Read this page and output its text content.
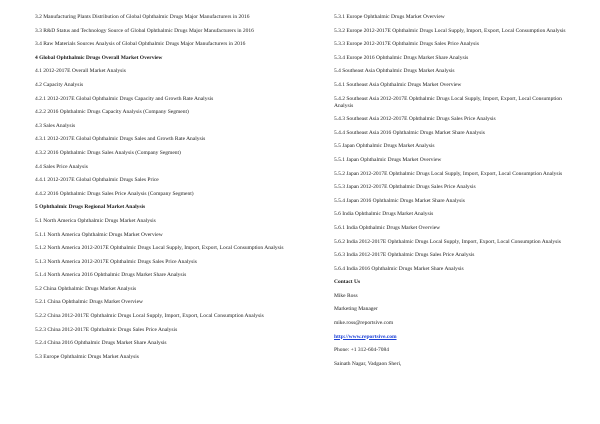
3.2 Manufacturing Plants Distribution of Global Ophthalmic Drugs Major Manufacturers in 2016
3.3 R&D Status and Technology Source of Global Ophthalmic Drugs Major Manufacturers in 2016
3.4 Raw Materials Sources Analysis of Global Ophthalmic Drugs Major Manufacturers in 2016
4 Global Ophthalmic Drugs Overall Market Overview
4.1 2012-2017E Overall Market Analysis
4.2 Capacity Analysis
4.2.1 2012-2017E Global Ophthalmic Drugs Capacity and Growth Rate Analysis
4.2.2 2016 Ophthalmic Drugs Capacity Analysis (Company Segment)
4.3 Sales Analysis
4.3.1 2012-2017E Global Ophthalmic Drugs Sales and Growth Rate Analysis
4.3.2 2016 Ophthalmic Drugs Sales Analysis (Company Segment)
4.4 Sales Price Analysis
4.4.1 2012-2017E Global Ophthalmic Drugs Sales Price
4.4.2 2016 Ophthalmic Drugs Sales Price Analysis (Company Segment)
5 Ophthalmic Drugs Regional Market Analysis
5.1 North America Ophthalmic Drugs Market Analysis
5.1.1 North America Ophthalmic Drugs Market Overview
5.1.2 North America 2012-2017E Ophthalmic Drugs Local Supply, Import, Export, Local Consumption Analysis
5.1.3 North America 2012-2017E Ophthalmic Drugs Sales Price Analysis
5.1.4 North America 2016 Ophthalmic Drugs Market Share Analysis
5.2 China Ophthalmic Drugs Market Analysis
5.2.1 China Ophthalmic Drugs Market Overview
5.2.2 China 2012-2017E Ophthalmic Drugs Local Supply, Import, Export, Local Consumption Analysis
5.2.3 China 2012-2017E Ophthalmic Drugs Sales Price Analysis
5.2.4 China 2016 Ophthalmic Drugs Market Share Analysis
5.3 Europe Ophthalmic Drugs Market Analysis
5.3.1 Europe Ophthalmic Drugs Market Overview
5.3.2 Europe 2012-2017E Ophthalmic Drugs Local Supply, Import, Export, Local Consumption Analysis
5.3.3 Europe 2012-2017E Ophthalmic Drugs Sales Price Analysis
5.3.4 Europe 2016 Ophthalmic Drugs Market Share Analysis
5.4 Southeast Asia Ophthalmic Drugs Market Analysis
5.4.1 Southeast Asia Ophthalmic Drugs Market Overview
5.4.2 Southeast Asia 2012-2017E Ophthalmic Drugs Local Supply, Import, Export, Local Consumption Analysis
5.4.3 Southeast Asia 2012-2017E Ophthalmic Drugs Sales Price Analysis
5.4.4 Southeast Asia 2016 Ophthalmic Drugs Market Share Analysis
5.5 Japan Ophthalmic Drugs Market Analysis
5.5.1 Japan Ophthalmic Drugs Market Overview
5.5.2 Japan 2012-2017E Ophthalmic Drugs Local Supply, Import, Export, Local Consumption Analysis
5.5.3 Japan 2012-2017E Ophthalmic Drugs Sales Price Analysis
5.5.4 Japan 2016 Ophthalmic Drugs Market Share Analysis
5.6 India Ophthalmic Drugs Market Analysis
5.6.1 India Ophthalmic Drugs Market Overview
5.6.2 India 2012-2017E Ophthalmic Drugs Local Supply, Import, Export, Local Consumption Analysis
5.6.3 India 2012-2017E Ophthalmic Drugs Sales Price Analysis
5.6.4 India 2016 Ophthalmic Drugs Market Share Analysis
Contact Us
Mike Ross
Marketing Manager
mike.ross@reportsive.com
http://www.reportsive.com
Phone: +1 312-604-7084
Sainath Nagar, Vadgaon Sheri,
